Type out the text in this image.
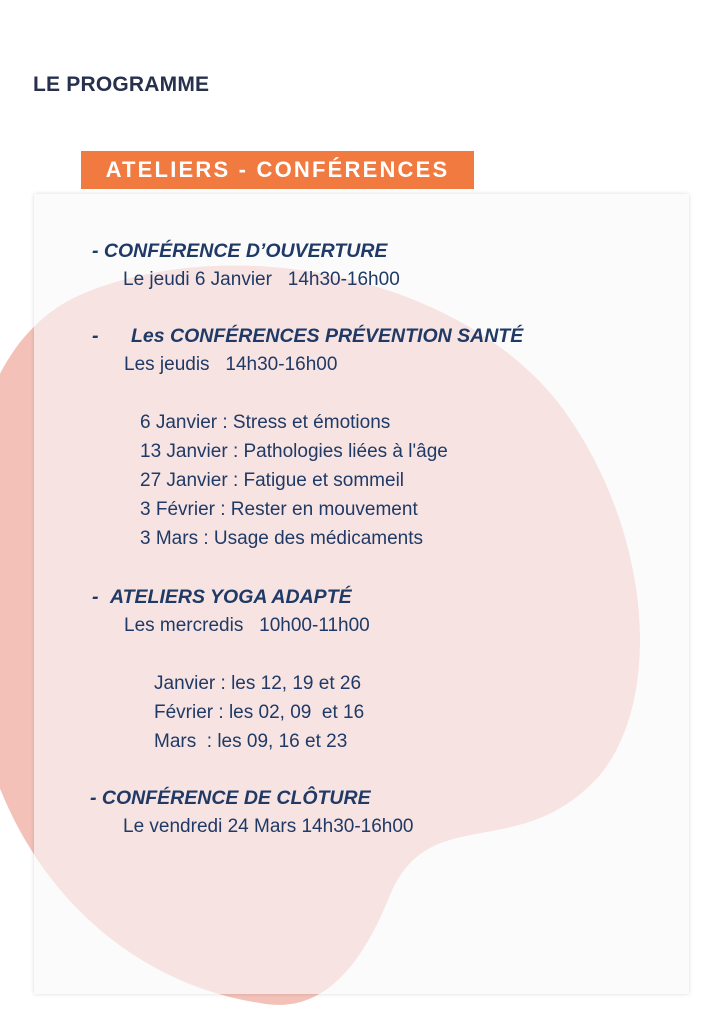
LE PROGRAMME
ATELIERS - CONFÉRENCES
- CONFÉRENCE D’OUVERTURE
Le jeudi 6 Janvier   14h30-16h00
- Les CONFÉRENCES PRÉVENTION SANTÉ
Les jeudis   14h30-16h00
6 Janvier : Stress et émotions
13 Janvier : Pathologies liées à l'âge
27 Janvier : Fatigue et sommeil
3 Février : Rester en mouvement
3 Mars : Usage des médicaments
- ATELIERS YOGA ADAPTÉ
Les mercredis   10h00-11h00
Janvier : les 12, 19 et 26
Février : les 02, 09  et 16
Mars  : les 09, 16 et 23
- CONFÉRENCE DE CLÔTURE
Le vendredi 24 Mars 14h30-16h00
